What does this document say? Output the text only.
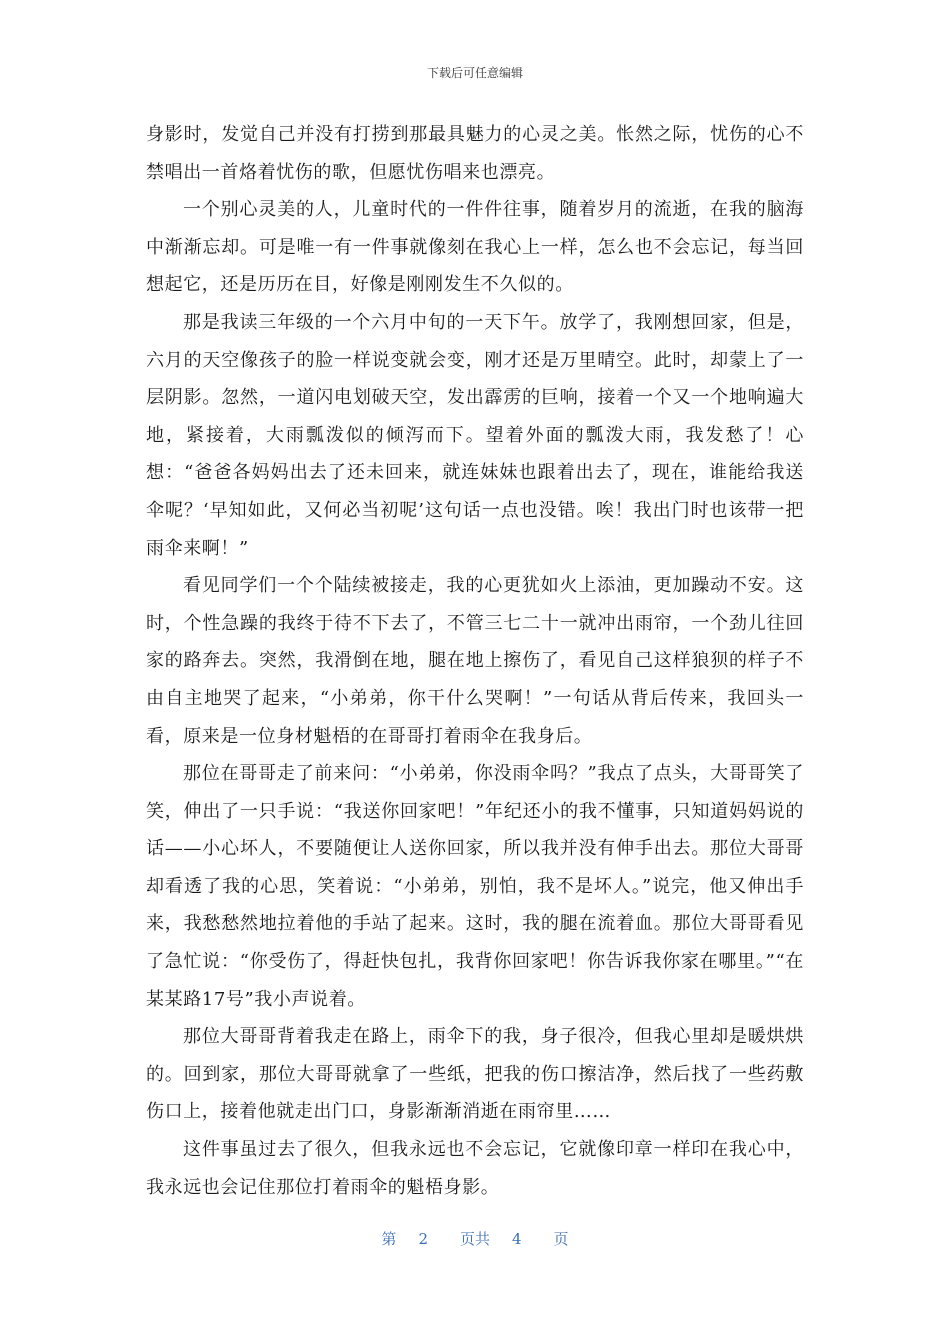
下载后可任意编辑

身影时，发觉自己并没有打捞到那最具魅力的心灵之美。怅然之际，忧伤的心不禁唱出一首烙着忧伤的歌，但愿忧伤唱来也漂亮。

一个别心灵美的人，儿童时代的一件件往事，随着岁月的流逝，在我的脑海中渐渐忘却。可是唯一有一件事就像刻在我心上一样，怎么也不会忘记，每当回想起它，还是历历在目，好像是刚刚发生不久似的。

那是我读三年级的一个六月中旬的一天下午。放学了，我刚想回家，但是，六月的天空像孩子的脸一样说变就会变，刚才还是万里晴空。此时，却蒙上了一层阴影。忽然，一道闪电划破天空，发出霹雳的巨响，接着一个又一个地响遍大地，紧接着，大雨瓢泼似的倾泻而下。望着外面的瓢泼大雨，我发愁了！心想：“爸爸各妈妈出去了还未回来，就连妹妹也跟着出去了，现在，谁能给我送伞呢？‘早知如此，又何必当初呢’这句话一点也没错。唉！我出门时也该带一把雨伞来啊！”

看见同学们一个个陆续被接走，我的心更犹如火上添油，更加躁动不安。这时，个性急躁的我终于待不下去了，不管三七二十一就冲出雨帘，一个劲儿往回家的路奔去。突然，我滑倒在地，腿在地上擦伤了，看见自己这样狼狈的样子不由自主地哭了起来，“小弟弟，你干什么哭啊！”一句话从背后传来，我回头一看，原来是一位身材魁梧的在哥哥打着雨伞在我身后。

那位在哥哥走了前来问：“小弟弟，你没雨伞吗？”我点了点头，大哥哥笑了笑，伸出了一只手说：“我送你回家吧！”年纪还小的我不懂事，只知道妈妈说的话——小心坏人，不要随便让人送你回家，所以我并没有伸手出去。那位大哥哥却看透了我的心思，笑着说：“小弟弟，别怕，我不是坏人。”说完，他又伸出手来，我愁愁然地拉着他的手站了起来。这时，我的腿在流着血。那位大哥哥看见了急忙说：“你受伤了，得赶快包扎，我背你回家吧！你告诉我你家在哪里。”“在某某路17号”我小声说着。

那位大哥哥背着我走在路上，雨伞下的我，身子很冷，但我心里却是暖烘烘的。回到家，那位大哥哥就拿了一些纸，把我的伤口擦洁净，然后找了一些药敷伤口上，接着他就走出门口，身影渐渐消逝在雨帘里……

这件事虽过去了很久，但我永远也不会忘记，它就像印章一样印在我心中，我永远也会记住那位打着雨伞的魁梧身影。

第 2 页共 4 页
